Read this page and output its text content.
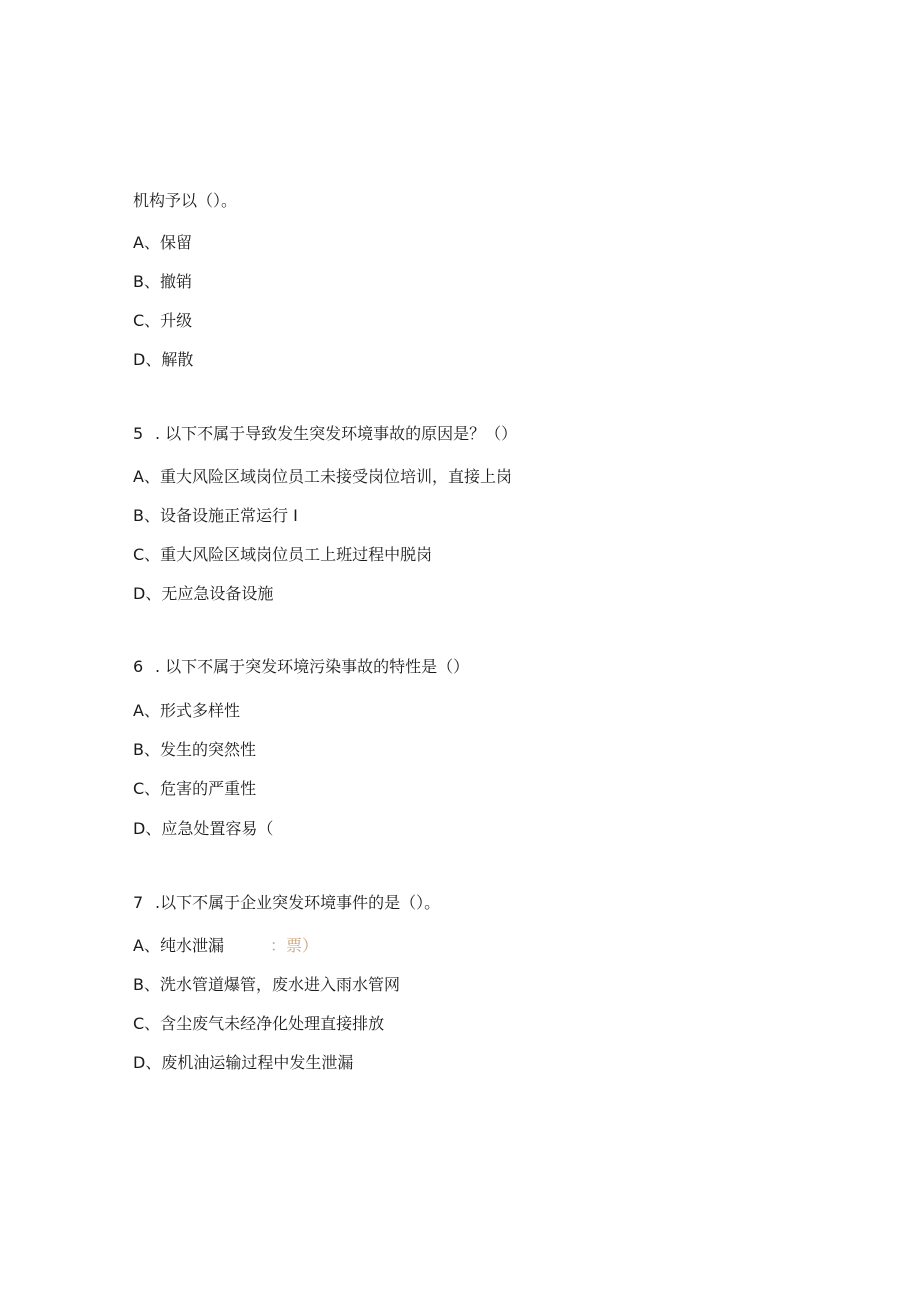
机构予以（）。
A、保留
B、撤销
C、升级
D、解散
5 . 以下不属于导致发生突发环境事故的原因是？（）
A、重大风险区域岗位员工未接受岗位培训，直接上岗
B、设备设施正常运行 I
C、重大风险区域岗位员工上班过程中脱岗
D、无应急设备设施
6 . 以下不属于突发环境污染事故的特性是（）
A、形式多样性
B、发生的突然性
C、危害的严重性
D、应急处置容易（
7 .以下不属于企业突发环境事件的是（）。
A、纯水泄漏	：票）
B、洗水管道爆管，废水进入雨水管网
C、含尘废气未经净化处理直接排放
D、废机油运输过程中发生泄漏
